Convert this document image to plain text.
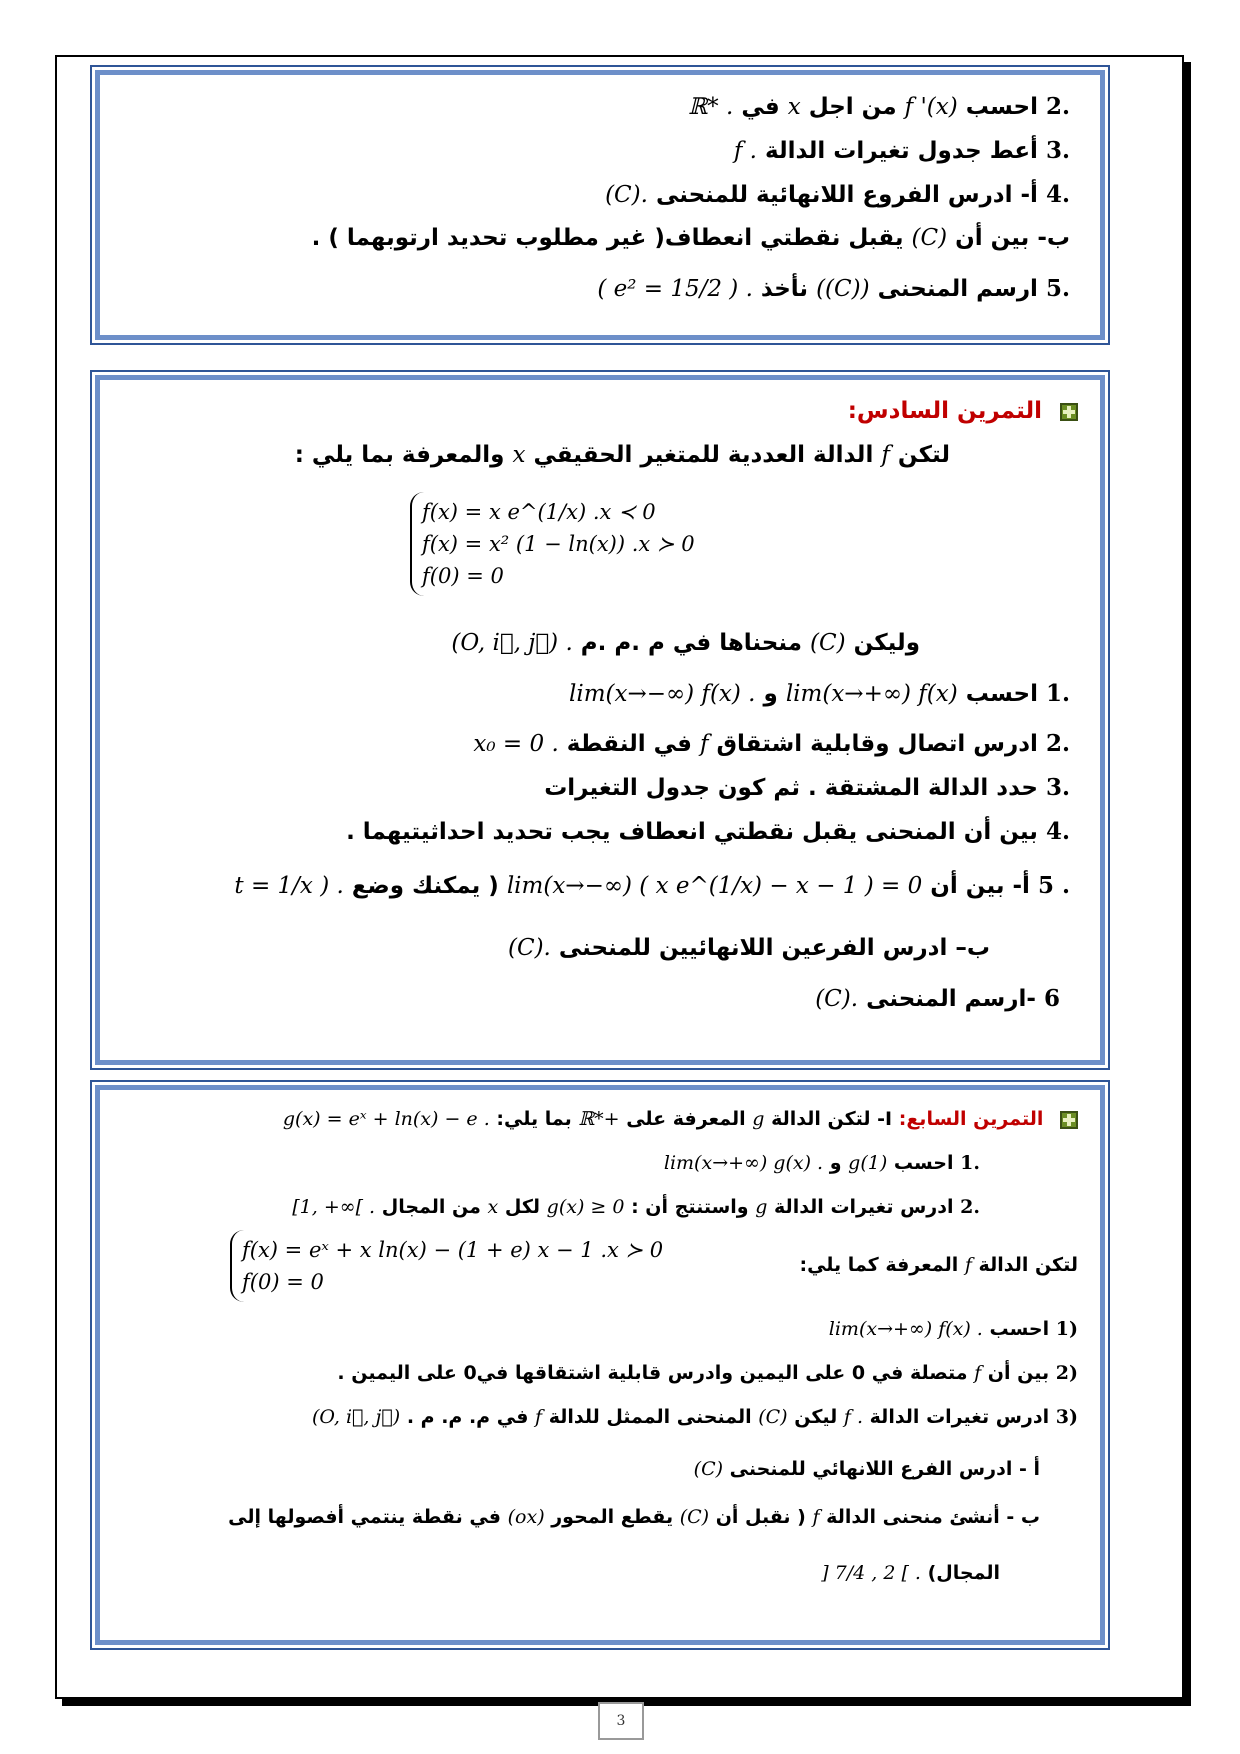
.2 احسب f '(x) من اجل x في ℝ* .
.3 أعط جدول تغيرات الدالة f .
.4 أ- ادرس الفروع اللانهائية للمنحنى (C).
ب- بين أن (C) يقبل نقطتي انعطاف( غير مطلوب تحديد ارتوبهما ) .
.5 ارسم المنحنى ((C)) نأخذ ( e² = 15/2 ) .
التمرين السادس:
لتكن f الدالة العددية للمتغير الحقيقي x والمعرفة بما يلي :
f(x) = x e^(1/x) .x ≺ 0
f(x) = x² (1 − ln(x)) .x ≻ 0
f(0) = 0
وليكن (C) منحناها في م .م .م (O, i⃗, j⃗) .
.1 احسب lim(x→+∞) f(x) و lim(x→−∞) f(x) .
.2 ادرس اتصال وقابلية اشتقاق f في النقطة x₀ = 0 .
.3 حدد الدالة المشتقة . ثم كون جدول التغيرات
.4 بين أن المنحنى يقبل نقطتي انعطاف يجب تحديد احداثيتيهما .
. 5 أ- بين أن lim(x→−∞) ( x e^(1/x) − x − 1 ) = 0 ( يمكنك وضع t = 1/x ) .
ب– ادرس الفرعين اللانهائيين للمنحنى (C).
6 -ارسم المنحنى (C).
التمرين السابع: I- لتكن الدالة g المعرفة على ℝ*+ بما يلي: g(x) = eˣ + ln(x) − e .
.1 احسب g(1) و lim(x→+∞) g(x) .
.2 ادرس تغيرات الدالة g واستنتج أن : g(x) ≥ 0 لكل x من المجال [1, +∞[ .
لتكن الدالة f المعرفة كما يلي:
f(x) = eˣ + x ln(x) − (1 + e) x − 1 .x ≻ 0
f(0) = 0
(1 احسب lim(x→+∞) f(x) .
(2 بين أن f متصلة في 0 على اليمين وادرس قابلية اشتقاقها في0 على اليمين .
(3 ادرس تغيرات الدالة f . ليكن (C) المنحنى الممثل للدالة f في م. م. م . (O, i⃗, j⃗)
أ - ادرس الفرع اللانهائي للمنحنى (C)
ب - أنشئ منحنى الدالة f ( نقبل أن (C) يقطع المحور (ox) في نقطة ينتمي أفصولها إلى
المجال) ] 7/4 , 2 [ .
3
